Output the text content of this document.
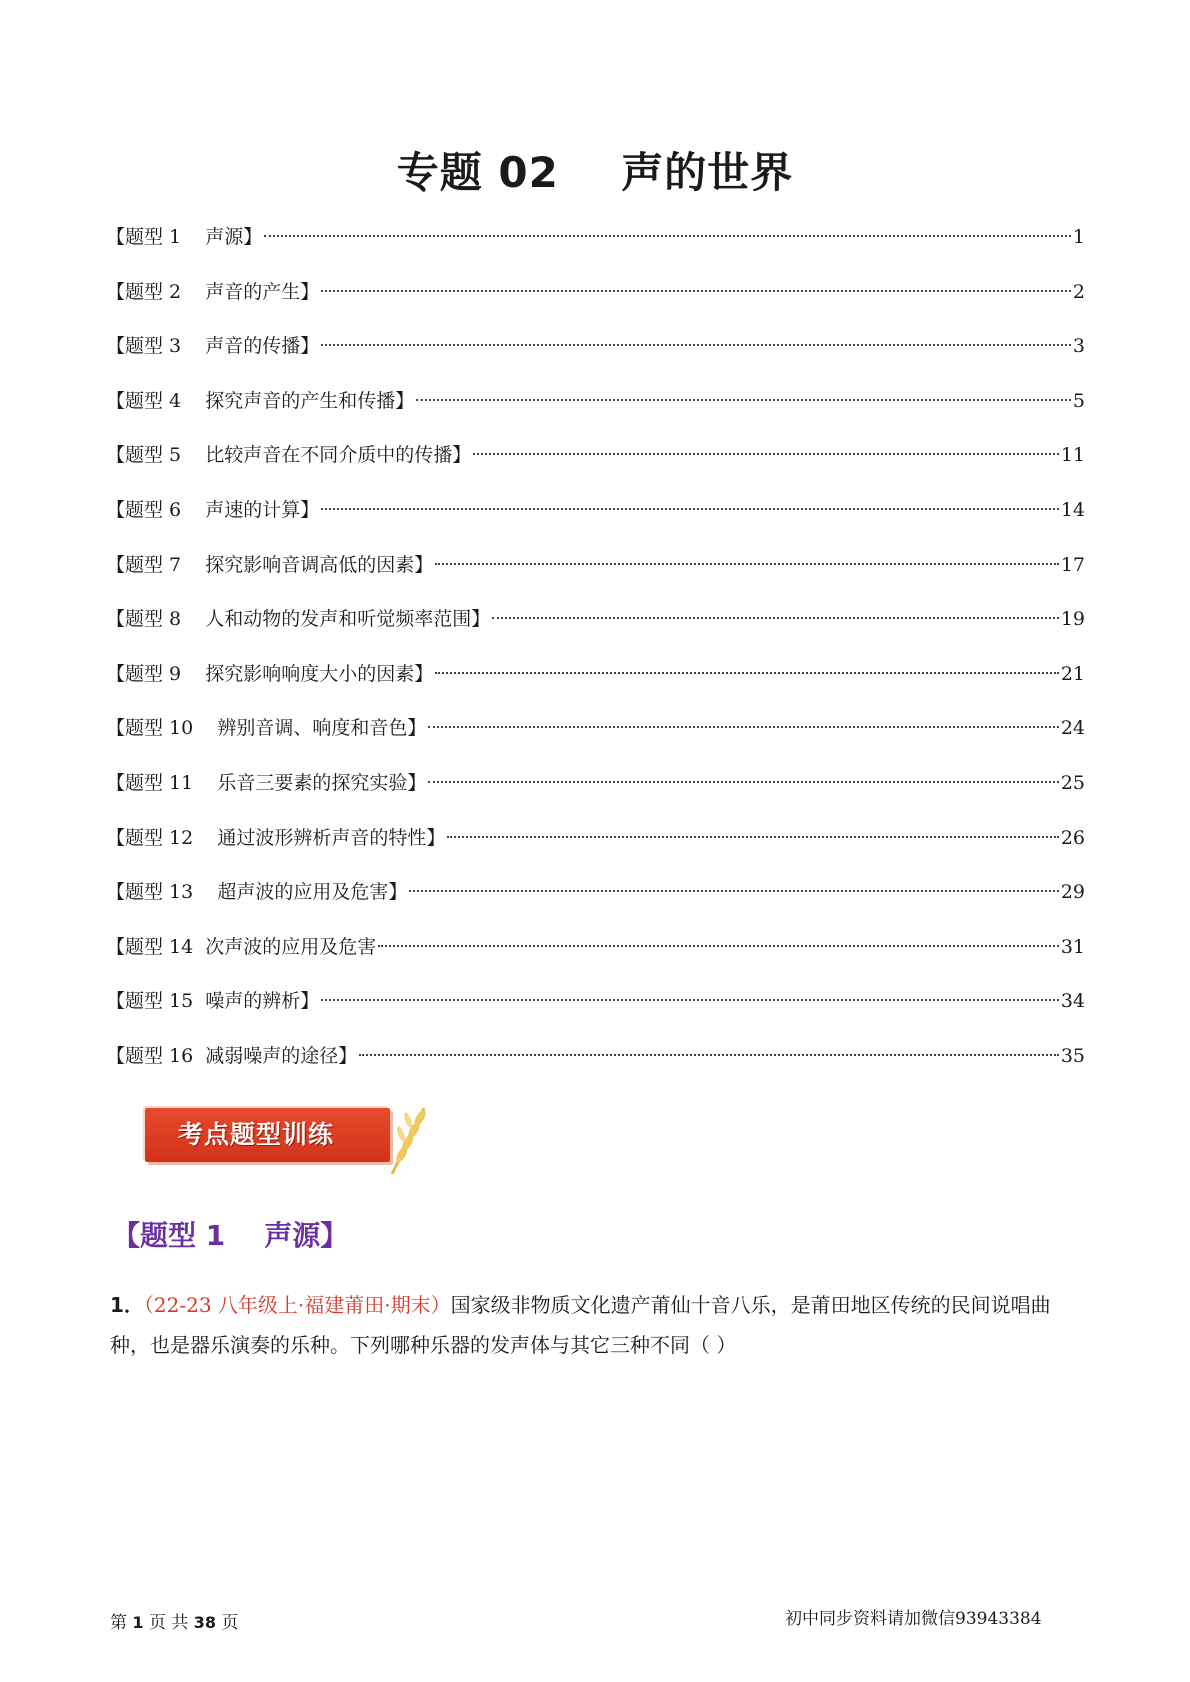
专题 02    声的世界
【题型 1    声源】	1
【题型 2    声音的产生】	2
【题型 3    声音的传播】	3
【题型 4    探究声音的产生和传播】	5
【题型 5    比较声音在不同介质中的传播】	11
【题型 6    声速的计算】	14
【题型 7    探究影响音调高低的因素】	17
【题型 8    人和动物的发声和听觉频率范围】	19
【题型 9    探究影响响度大小的因素】	21
【题型 10    辨别音调、响度和音色】	24
【题型 11    乐音三要素的探究实验】	25
【题型 12    通过波形辨析声音的特性】	26
【题型 13    超声波的应用及危害】	29
【题型 14  次声波的应用及危害	31
【题型 15  噪声的辨析】	34
【题型 16  减弱噪声的途径】	35
考点题型训练
【题型 1    声源】
1．（22-23 八年级上·福建莆田·期末）国家级非物质文化遗产莆仙十音八乐，是莆田地区传统的民间说唱曲种，也是器乐演奏的乐种。下列哪种乐器的发声体与其它三种不同（ ）
第 1 页 共 38 页	初中同步资料请加微信93943384
